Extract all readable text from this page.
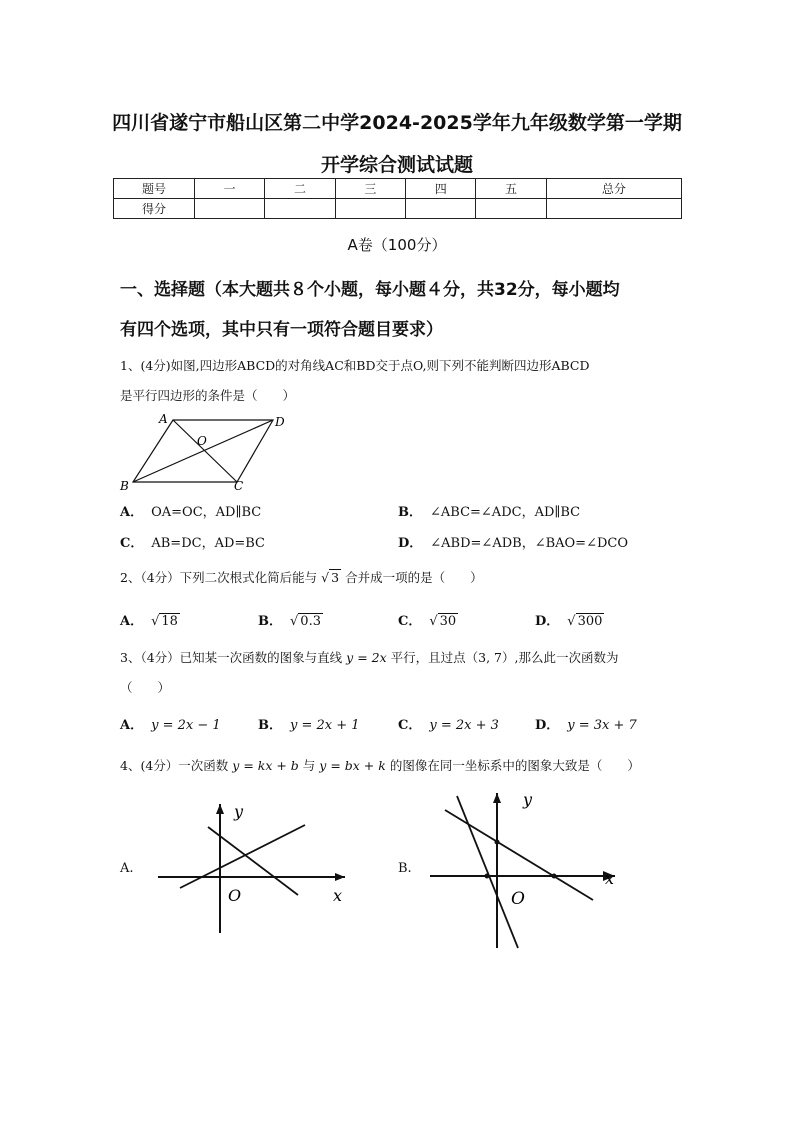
四川省遂宁市船山区第二中学2024-2025学年九年级数学第一学期
开学综合测试试题
题号	一	二	三	四	五	总分
得分						
A卷（100分）
一、选择题（本大题共８个小题，每小题４分，共32分，每小题均
有四个选项，其中只有一项符合题目要求）
1、(4分)如图,四边形ABCD的对角线AC和BD交于点O,则下列不能判断四边形ABCD
是平行四边形的条件是（　　）
A	D
O
B	C
A． OA=OC，AD∥BC	B． ∠ABC=∠ADC，AD∥BC
C． AB=DC，AD=BC	D． ∠ABD=∠ADB，∠BAO=∠DCO
2、（4分）下列二次根式化简后能与 √ 3 合并成一项的是（　　）
A． √ 18	B． √ 0.3	C． √ 30	D． √ 300
3、（4分）已知某一次函数的图象与直线 y = 2x 平行，且过点（3, 7）,那么此一次函数为
（　　）
A． y = 2x − 1	B． y = 2x + 1	C． y = 2x + 3	D． y = 3x + 7
4、(4分）一次函数 y = kx + b 与 y = bx + k 的图像在同一坐标系中的图象大致是（　　）
A.
y
x
O
B.
y
x
O
